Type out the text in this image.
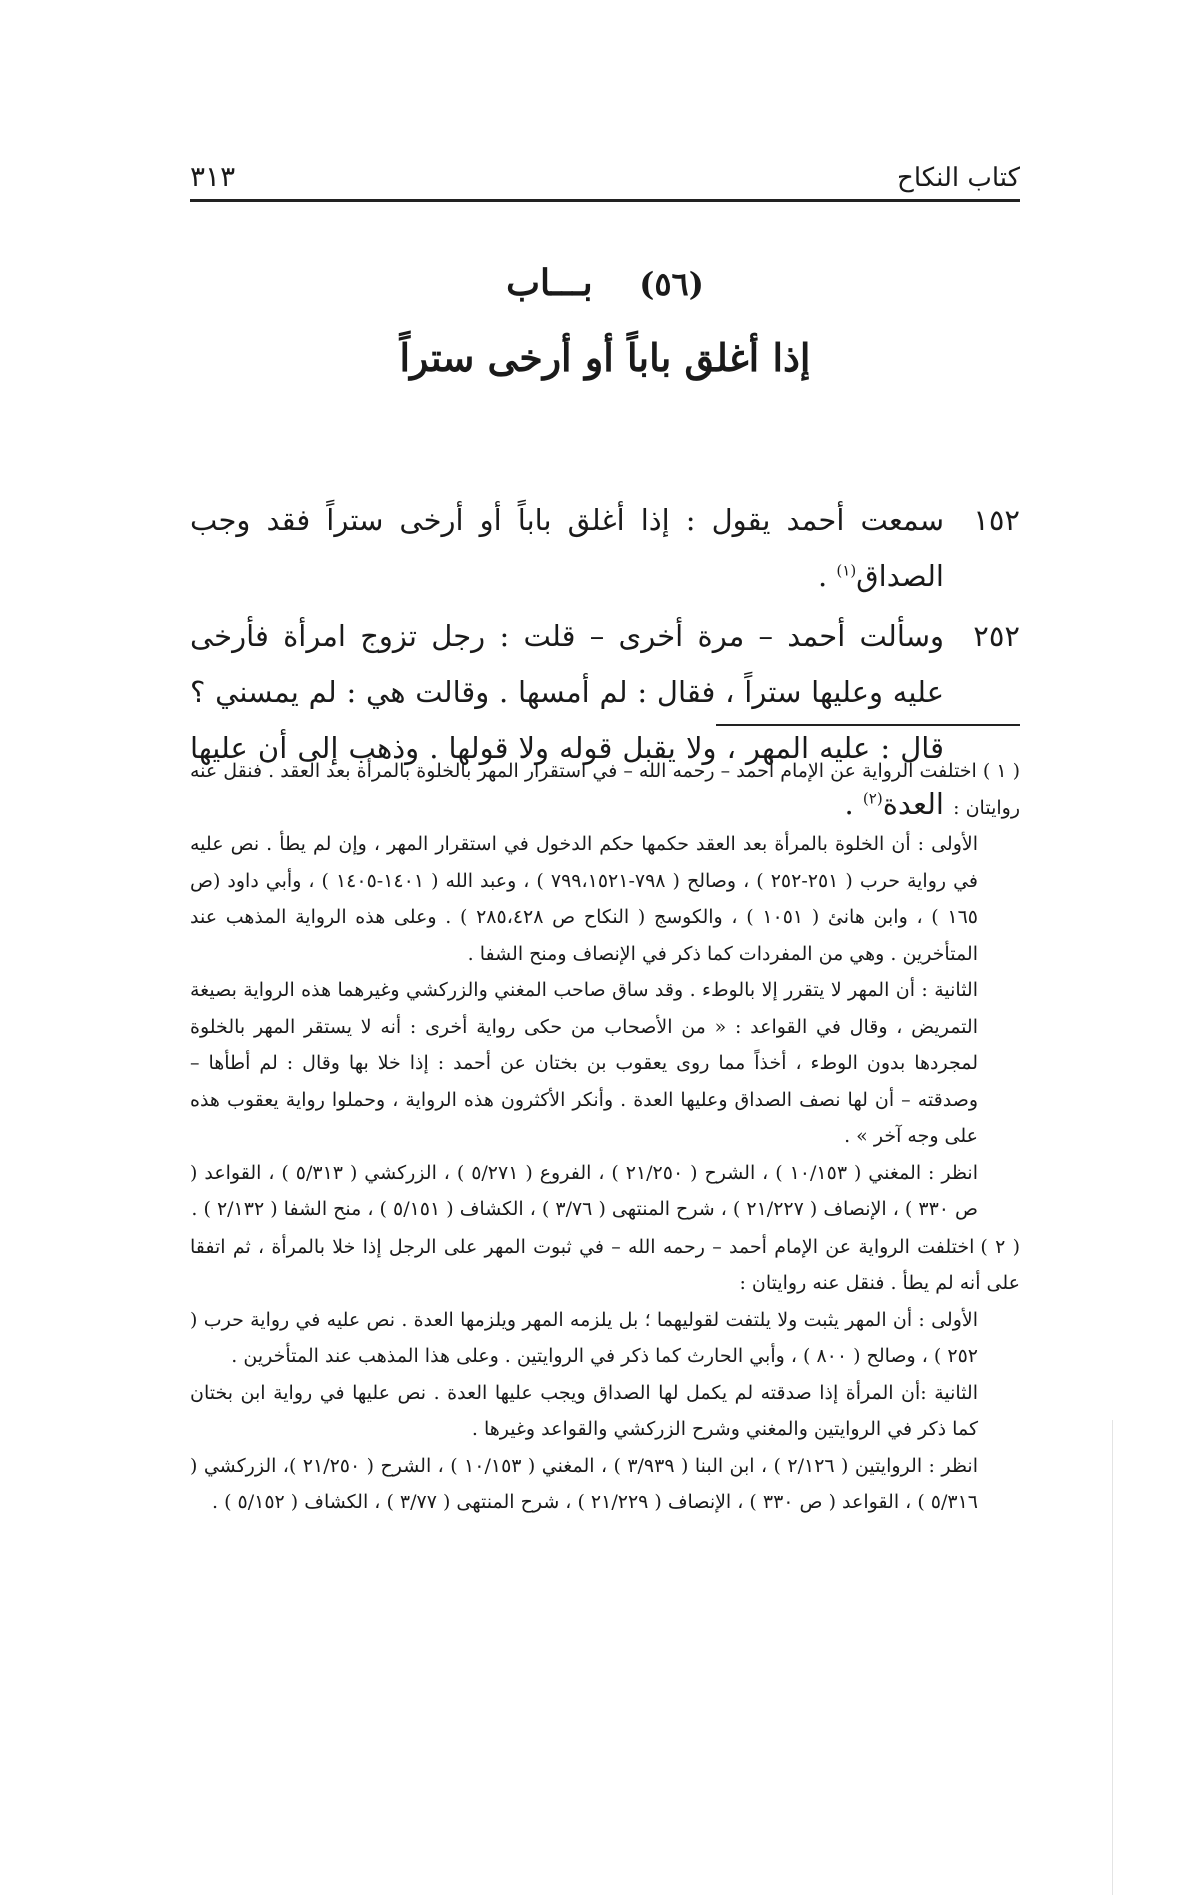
كتاب النكاح
٣١٣
(٥٦) بـــاب
إذا أغلق باباً أو أرخى ستراً
١٥٢
سمعت أحمد يقول : إذا أغلق باباً أو أرخى ستراً فقد وجب الصداق$^{(١)}$ .
٢٥٢
وسألت أحمد – مرة أخرى – قلت : رجل تزوج امرأة فأرخى عليه وعليها ستراً ، فقال : لم أمسها . وقالت هي : لم يمسني ؟ قال : عليه المهر ، ولا يقبل قوله ولا قولها . وذهب إلى أن عليها العدة$^{(٢)}$ .
( ١ )اختلفت الرواية عن الإمام أحمد – رحمه الله – في استقرار المهر بالخلوة بالمرأة بعد العقد . فنقل عنه روايتان :
الأولى : أن الخلوة بالمرأة بعد العقد حكمها حكم الدخول في استقرار المهر ، وإن لم يطأ . نص عليه في رواية حرب ( ٢٥١-٢٥٢ ) ، وصالح ( ٧٩٨-٧٩٩،١٥٢١ ) ، وعبد الله ( ١٤٠١-١٤٠٥ ) ، وأبي داود (ص ١٦٥ ) ، وابن هانئ ( ١٠٥١ ) ، والكوسج ( النكاح ص ٢٨٥،٤٢٨ ) . وعلى هذه الرواية المذهب عند المتأخرين . وهي من المفردات كما ذكر في الإنصاف ومنح الشفا .
الثانية : أن المهر لا يتقرر إلا بالوطء . وقد ساق صاحب المغني والزركشي وغيرهما هذه الرواية بصيغة التمريض ، وقال في القواعد : « من الأصحاب من حكى رواية أخرى : أنه لا يستقر المهر بالخلوة لمجردها بدون الوطء ، أخذاً مما روى يعقوب بن بختان عن أحمد : إذا خلا بها وقال : لم أطأها – وصدقته – أن لها نصف الصداق وعليها العدة . وأنكر الأكثرون هذه الرواية ، وحملوا رواية يعقوب هذه على وجه آخر » .
انظر : المغني ( ١٠/١٥٣ ) ، الشرح ( ٢١/٢٥٠ ) ، الفروع ( ٥/٢٧١ ) ، الزركشي ( ٥/٣١٣ ) ، القواعد ( ص ٣٣٠ ) ، الإنصاف ( ٢١/٢٢٧ ) ، شرح المنتهى ( ٣/٧٦ ) ، الكشاف ( ٥/١٥١ ) ، منح الشفا ( ٢/١٣٢ ) .
( ٢ )اختلفت الرواية عن الإمام أحمد – رحمه الله – في ثبوت المهر على الرجل إذا خلا بالمرأة ، ثم اتفقا على أنه لم يطأ . فنقل عنه روايتان :
الأولى : أن المهر يثبت ولا يلتفت لقوليهما ؛ بل يلزمه المهر ويلزمها العدة . نص عليه في رواية حرب ( ٢٥٢ ) ، وصالح ( ٨٠٠ ) ، وأبي الحارث كما ذكر في الروايتين . وعلى هذا المذهب عند المتأخرين .
الثانية :أن المرأة إذا صدقته لم يكمل لها الصداق ويجب عليها العدة . نص عليها في رواية ابن بختان كما ذكر في الروايتين والمغني وشرح الزركشي والقواعد وغيرها .
انظر : الروايتين ( ٢/١٢٦ ) ، ابن البنا ( ٣/٩٣٩ ) ، المغني ( ١٠/١٥٣ ) ، الشرح ( ٢١/٢٥٠ )، الزركشي ( ٥/٣١٦ ) ، القواعد ( ص ٣٣٠ ) ، الإنصاف ( ٢١/٢٢٩ ) ، شرح المنتهى ( ٣/٧٧ ) ، الكشاف ( ٥/١٥٢ ) .
